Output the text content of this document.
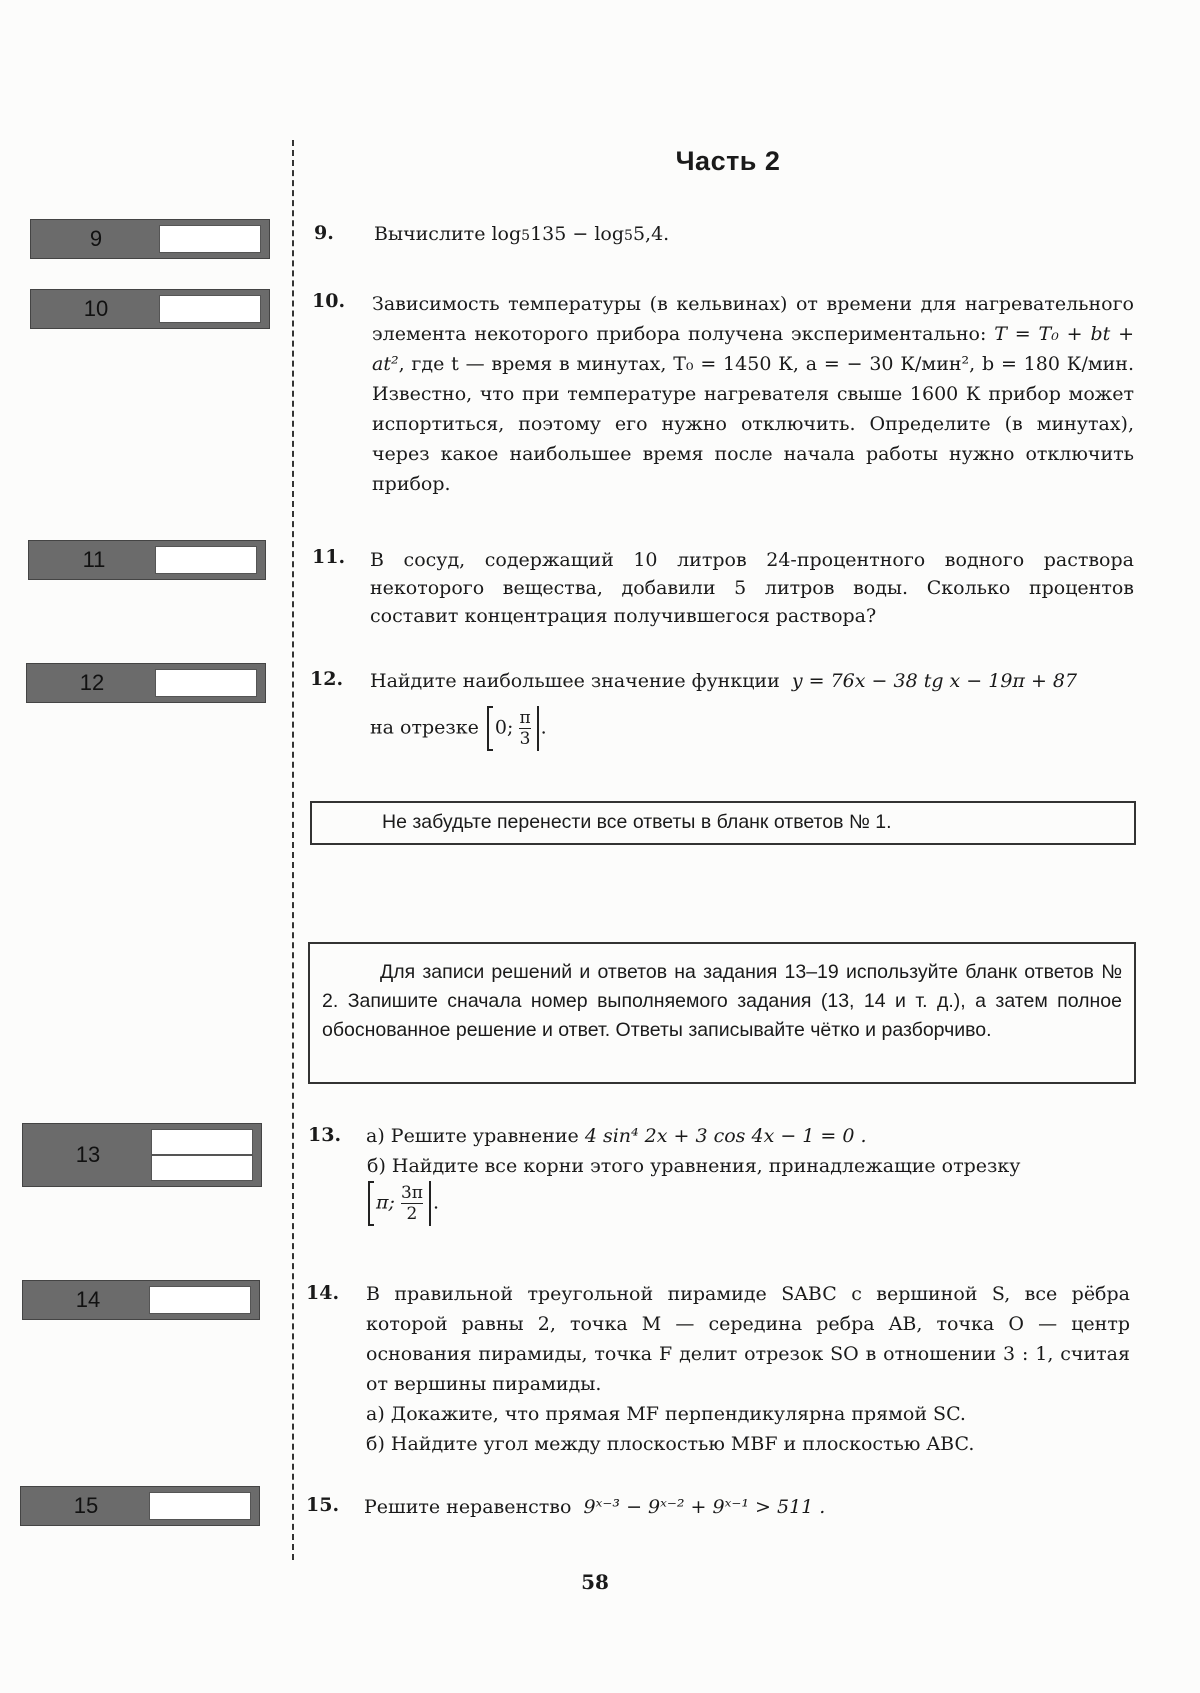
Часть 2
9
10
11
12
13
14
15
9. Вычислите log5135 − log55,4.
10. Зависимость температуры (в кельвинах) от времени для нагревательного элемента некоторого прибора получена экспериментально: T = T₀ + bt + at², где t — время в минутах, T₀ = 1450 К, a = − 30 К/мин², b = 180 К/мин. Известно, что при температуре нагревателя свыше 1600 К прибор может испортиться, поэтому его нужно отключить. Определите (в минутах), через какое наибольшее время после начала работы нужно отключить прибор.
11. В сосуд, содержащий 10 литров 24-процентного водного раствора некоторого вещества, добавили 5 литров воды. Сколько процентов составит концентрация получившегося раствора?
12. Найдите наибольшее значение функции y = 76x − 38 tg x − 19π + 87
на отрезке 0; $\frac{\pi}{3}$ .
Не забудьте перенести все ответы в бланк ответов № 1.
Для записи решений и ответов на задания 13–19 используйте бланк ответов № 2. Запишите сначала номер выполняемого задания (13, 14 и т. д.), а затем полное обоснованное решение и ответ. Ответы записывайте чётко и разборчиво.
13. а) Решите уравнение 4 sin⁴ 2x + 3 cos 4x − 1 = 0 .
б) Найдите все корни этого уравнения, принадлежащие отрезку
π; $\frac{3\pi}{2}$ .
14. В правильной треугольной пирамиде SABC с вершиной S, все рёбра которой равны 2, точка M — середина ребра AB, точка O — центр основания пирамиды, точка F делит отрезок SO в отношении 3 : 1, считая от вершины пирамиды.
а) Докажите, что прямая MF перпендикулярна прямой SC.
б) Найдите угол между плоскостью MBF и плоскостью ABC.
15. Решите неравенство 9ˣ⁻³ − 9ˣ⁻² + 9ˣ⁻¹ > 511 .
58
